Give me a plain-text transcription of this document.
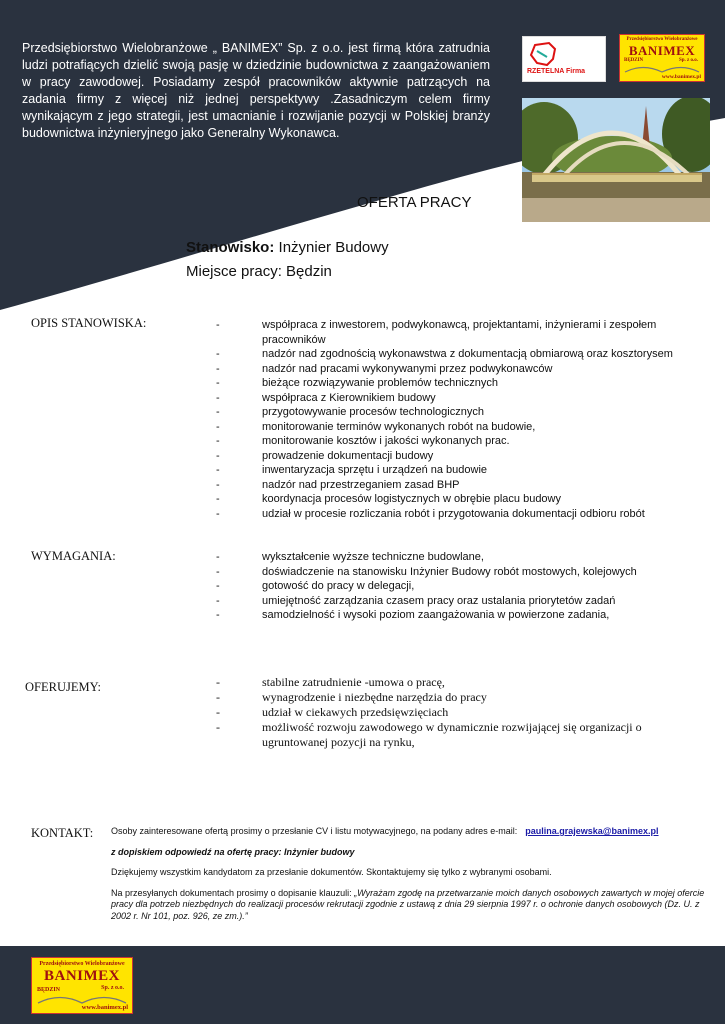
Przedsiębiorstwo Wielobranżowe „ BANIMEX” Sp. z o.o. jest firmą która zatrudnia ludzi potrafiących dzielić swoją pasję w dziedzinie budownictwa z zaangażowaniem w pracy zawodowej. Posiadamy zespół pracowników aktywnie patrzących na zadania firmy z więcej niż jednej perspektywy .Zasadniczym celem firmy wynikającym z jego strategii, jest umacnianie i rozwijanie pozycji w Polskiej branży budownictwa inżynieryjnego jako Generalny Wykonawca.

RZETELNA Firma
Przedsiębiorstwo Wielobranżowe
BANIMEX
Sp. z o.o.
BĘDZIN
www.banimex.pl
OFERTA PRACY
Stanowisko: Inżynier Budowy
Miejsce pracy: Będzin
OPIS STANOWISKA:	-	współpraca z inwestorem, podwykonawcą, projektantami, inżynierami i zespołem pracowników
-	nadzór nad zgodnością wykonawstwa z dokumentacją obmiarową oraz kosztorysem
-	nadzór nad pracami wykonywanymi przez podwykonawców
-	bieżące rozwiązywanie problemów technicznych
-	współpraca z Kierownikiem budowy
-	przygotowywanie procesów technologicznych
-	monitorowanie terminów wykonanych robót na budowie,
-	monitorowanie kosztów i jakości wykonanych prac.
-	prowadzenie dokumentacji budowy
-	inwentaryzacja sprzętu i urządzeń na budowie
-	nadzór nad przestrzeganiem zasad BHP
-	koordynacja procesów logistycznych w obrębie placu budowy
-	udział w procesie rozliczania robót i przygotowania dokumentacji odbioru robót
WYMAGANIA:	-	wykształcenie wyższe techniczne budowlane,
-	doświadczenie na stanowisku Inżynier Budowy robót mostowych, kolejowych
-	gotowość do pracy w delegacji,
-	umiejętność zarządzania czasem pracy oraz ustalania priorytetów zadań
-	samodzielność i wysoki poziom zaangażowania w powierzone zadania,
OFERUJEMY:	-	stabilne zatrudnienie -umowa o pracę,
-	wynagrodzenie i niezbędne narzędzia do pracy
-	udział w ciekawych przedsięwzięciach
-	możliwość rozwoju zawodowego w dynamicznie rozwijającej się organizacji o ugruntowanej pozycji na rynku,
KONTAKT: Osoby zainteresowane ofertą prosimy o przesłanie CV i listu motywacyjnego, na podany adres e-mail: paulina.grajewska@banimex.pl

z dopiskiem odpowiedź na ofertę pracy: Inżynier budowy

Dziękujemy wszystkim kandydatom za przesłanie dokumentów. Skontaktujemy się tylko z wybranymi osobami.

Na przesyłanych dokumentach prosimy o dopisanie klauzuli: „Wyrażam zgodę na przetwarzanie moich danych osobowych zawartych w mojej ofercie pracy dla potrzeb niezbędnych do realizacji procesów rekrutacji zgodnie z ustawą z dnia 29 sierpnia 1997 r. o ochronie danych osobowych (Dz. U. z 2002 r. Nr 101, poz. 926, ze zm.).”

Przedsiębiorstwo Wielobranżowe
BANIMEX
Sp. z o.o.
BĘDZIN
www.banimex.pl
